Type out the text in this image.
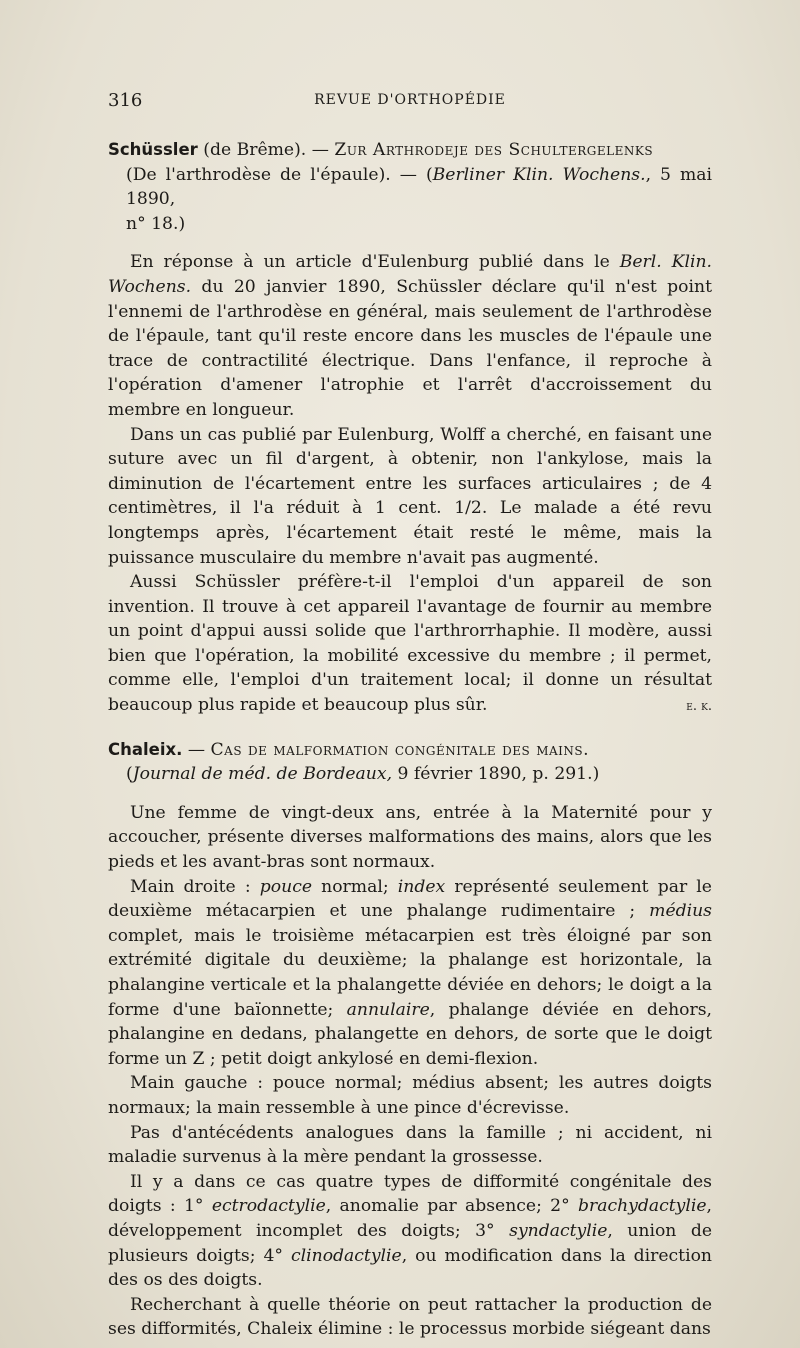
316	REVUE D'ORTHOPÉDIE

Schüssler (de Brême). — Zur Arthrodeje des Schultergelenks

(De l'arthrodèse de l'épaule). — (Berliner Klin. Wochens., 5 mai 1890,

n° 18.)

En réponse à un article d'Eulenburg publié dans le Berl. Klin. Wochens. du 20 janvier 1890, Schüssler déclare qu'il n'est point l'ennemi de l'arthrodèse en général, mais seulement de l'arthrodèse de l'épaule, tant qu'il reste encore dans les muscles de l'épaule une trace de contractilité électrique. Dans l'enfance, il reproche à l'opération d'amener l'atrophie et l'arrêt d'accroissement du membre en longueur.

Dans un cas publié par Eulenburg, Wolff a cherché, en faisant une suture avec un fil d'argent, à obtenir, non l'ankylose, mais la diminution de l'écartement entre les surfaces articulaires ; de 4 centimètres, il l'a réduit à 1 cent. 1/2. Le malade a été revu longtemps après, l'écartement était resté le même, mais la puissance musculaire du membre n'avait pas augmenté.

Aussi Schüssler préfère-t-il l'emploi d'un appareil de son invention. Il trouve à cet appareil l'avantage de fournir au membre un point d'appui aussi solide que l'arthrorrhaphie. Il modère, aussi bien que l'opération, la mobilité excessive du membre ; il permet, comme elle, l'emploi d'un traitement local; il donne un résultat beaucoup plus rapide et beaucoup plus sûr.	e. k.

Chaleix. — Cas de malformation congénitale des mains.

(Journal de méd. de Bordeaux, 9 février 1890, p. 291.)

Une femme de vingt-deux ans, entrée à la Maternité pour y accoucher, présente diverses malformations des mains, alors que les pieds et les avant-bras sont normaux.

Main droite : pouce normal; index représenté seulement par le deuxième métacarpien et une phalange rudimentaire ; médius complet, mais le troisième métacarpien est très éloigné par son extrémité digitale du deuxième; la phalange est horizontale, la phalangine verticale et la phalangette déviée en dehors; le doigt a la forme d'une baïonnette; annulaire, phalange déviée en dehors, phalangine en dedans, phalangette en dehors, de sorte que le doigt forme un Z ; petit doigt ankylosé en demi-flexion.

Main gauche : pouce normal; médius absent; les autres doigts normaux; la main ressemble à une pince d'écrevisse.

Pas d'antécédents analogues dans la famille ; ni accident, ni maladie survenus à la mère pendant la grossesse.

Il y a dans ce cas quatre types de difformité congénitale des doigts : 1° ectrodactylie, anomalie par absence; 2° brachydactylie, développement incomplet des doigts; 3° syndactylie, union de plusieurs doigts; 4° clinodactylie, ou modification dans la direction des os des doigts.

Recherchant à quelle théorie on peut rattacher la production de ses difformités, Chaleix élimine : le processus morbide siégeant dans
